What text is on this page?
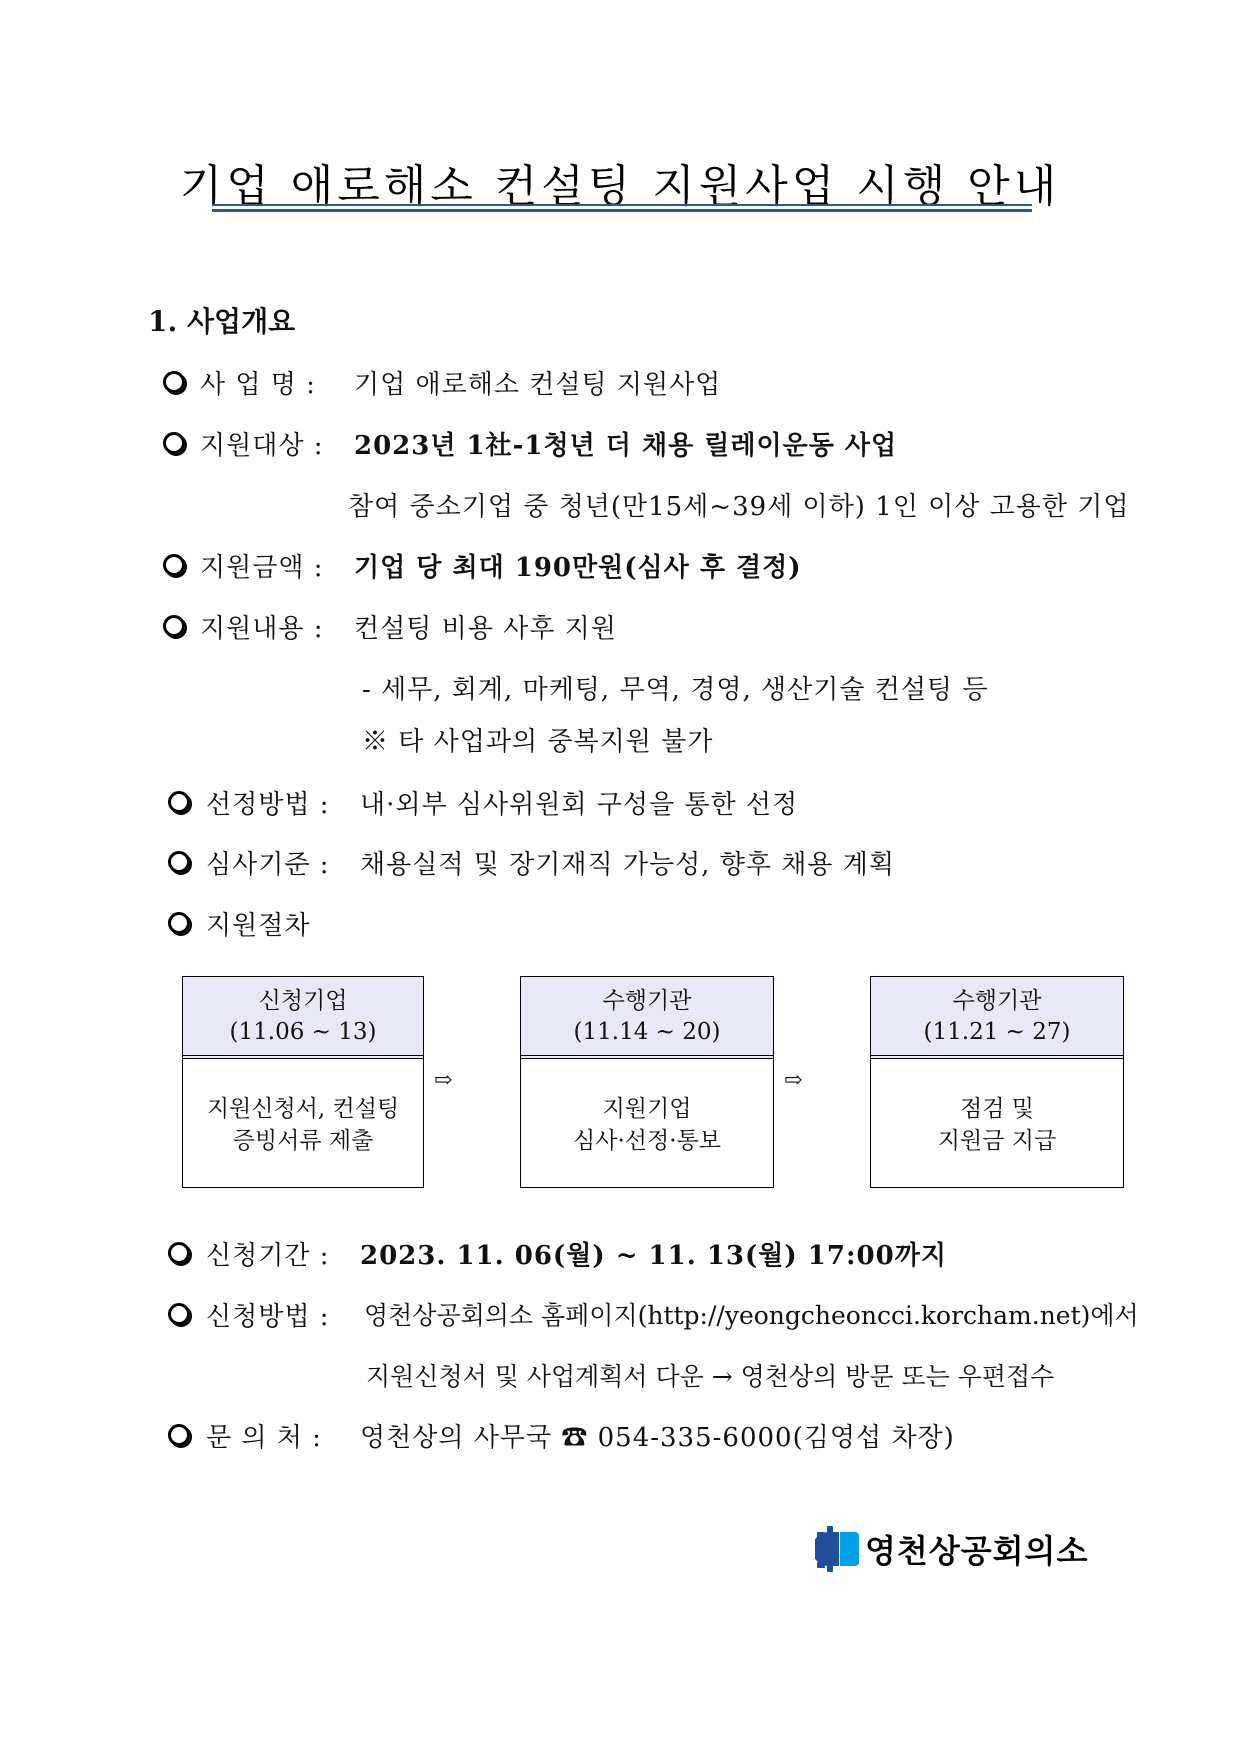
기업 애로해소 컨설팅 지원사업 시행 안내
1. 사업개요
사 업 명 : 기업 애로해소 컨설팅 지원사업
지원대상 : 2023년 1社-1청년 더 채용 릴레이운동 사업
참여 중소기업 중 청년(만15세~39세 이하) 1인 이상 고용한 기업
지원금액 : 기업 당 최대 190만원(심사 후 결정)
지원내용 : 컨설팅 비용 사후 지원
- 세무, 회계, 마케팅, 무역, 경영, 생산기술 컨설팅 등
※ 타 사업과의 중복지원 불가
선정방법 : 내·외부 심사위원회 구성을 통한 선정
심사기준 : 채용실적 및 장기재직 가능성, 향후 채용 계획
지원절차
신청기업
(11.06 ~ 13)
지원신청서, 컨설팅
증빙서류 제출
⇨
수행기관
(11.14 ~ 20)
지원기업
심사·선정·통보
⇨
수행기관
(11.21 ~ 27)
점검 및
지원금 지급
신청기간 : 2023. 11. 06(월) ~ 11. 13(월) 17:00까지
신청방법 : 영천상공회의소 홈페이지(http://yeongcheoncci.korcham.net)에서
지원신청서 및 사업계획서 다운 → 영천상의 방문 또는 우편접수
문 의 처 : 영천상의 사무국 ☎ 054-335-6000(김영섭 차장)
영천상공회의소
